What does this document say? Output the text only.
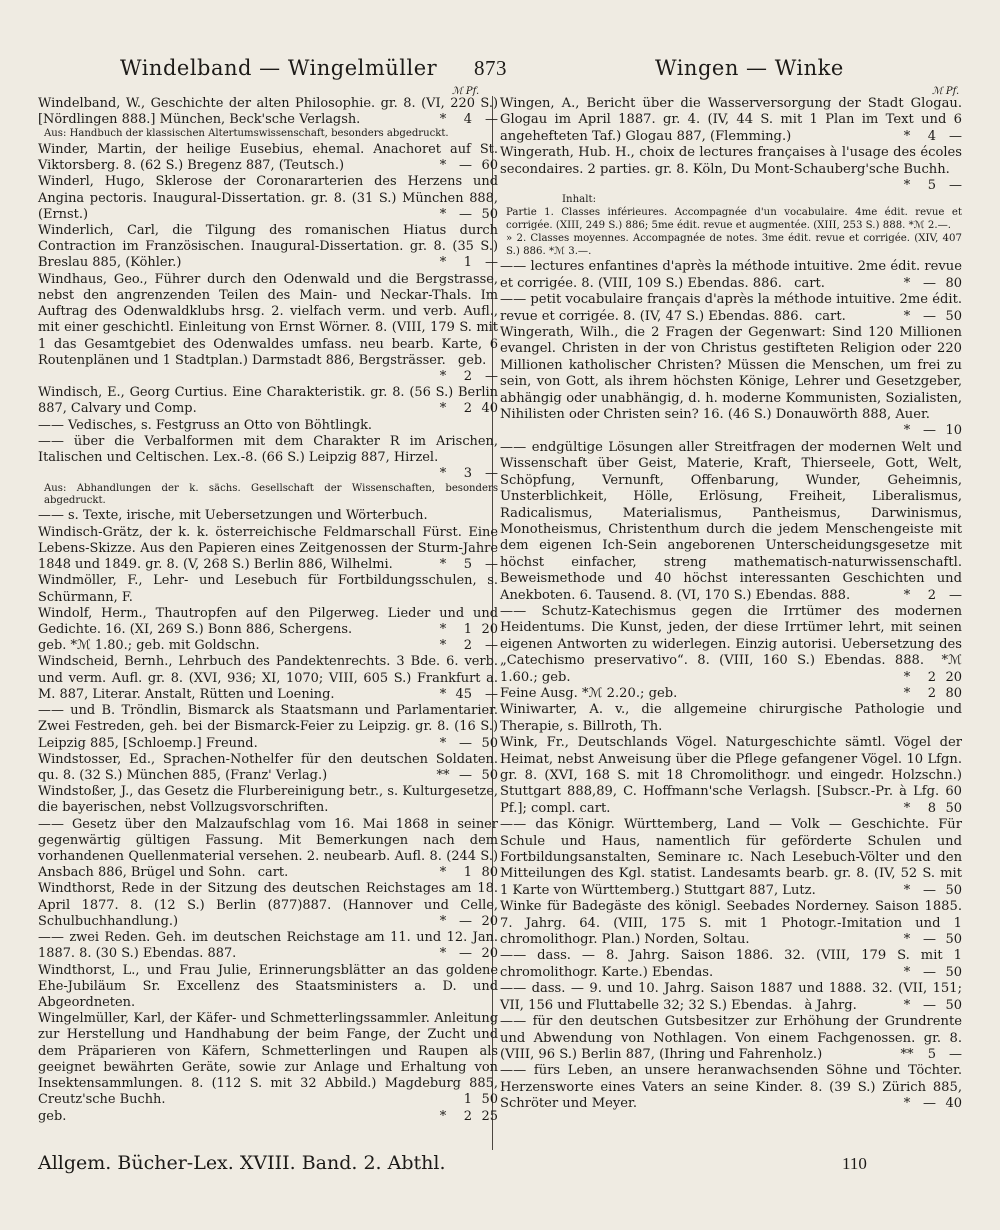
Windelband — Wingelmüller 873	Wingen — Winke
ℳ Pf.	ℳ Pf.

Windelband, W., Geschichte der alten Philosophie. gr. 8. (VI, 220 S.) [Nördlingen 888.] München, Beck'sche Verlagsh.	* 4 —

Aus: Handbuch der klassischen Altertumswissenschaft, besonders abgedruckt.

Winder, Martin, der heilige Eusebius, ehemal. Anachoret auf St. Viktorsberg. 8. (62 S.) Bregenz 887, (Teutsch.)	* — 60

Winderl, Hugo, Sklerose der Coronararterien des Herzens und Angina pectoris. Inaugural-Dissertation. gr. 8. (31 S.) München 888, (Ernst.)	* — 50

Winderlich, Carl, die Tilgung des romanischen Hiatus durch Contraction im Französischen. Inaugural-Dissertation. gr. 8. (35 S.) Breslau 885, (Köhler.)	* 1 —

Windhaus, Geo., Führer durch den Odenwald und die Bergstrasse, nebst den angrenzenden Teilen des Main- und Neckar-Thals. Im Auftrag des Odenwaldklubs hrsg. 2. vielfach verm. und verb. Aufl., mit einer geschichtl. Einleitung von Ernst Wörner. 8. (VIII, 179 S. mit 1 das Gesamtgebiet des Odenwaldes umfass. neu bearb. Karte, 6 Routenplänen und 1 Stadtplan.) Darmstadt 886, Bergsträsser. geb.
* 2 —

Windisch, E., Georg Curtius. Eine Charakteristik. gr. 8. (56 S.) Berlin 887, Calvary und Comp.	* 2 40

—— Vedisches, s. Festgruss an Otto von Böhtlingk.

—— über die Verbalformen mit dem Charakter R im Arischen, Italischen und Celtischen. Lex.-8. (66 S.) Leipzig 887, Hirzel.
* 3 —

Aus: Abhandlungen der k. sächs. Gesellschaft der Wissenschaften, besonders abgedruckt.

—— s. Texte, irische, mit Uebersetzungen und Wörterbuch.

Windisch-Grätz, der k. k. österreichische Feldmarschall Fürst. Eine Lebens-Skizze. Aus den Papieren eines Zeitgenossen der Sturm-Jahre 1848 und 1849. gr. 8. (V, 268 S.) Berlin 886, Wilhelmi.	* 5 —

Windmöller, F., Lehr- und Lesebuch für Fortbildungsschulen, s. Schürmann, F.

Windolf, Herm., Thautropfen auf den Pilgerweg. Lieder und und Gedichte. 16. (XI, 269 S.) Bonn 886, Schergens.	* 1 20

geb. *ℳ 1.80.; geb. mit Goldschn.	* 2 —

Windscheid, Bernh., Lehrbuch des Pandektenrechts. 3 Bde. 6. verb. und verm. Aufl. gr. 8. (XVI, 936; XI, 1070; VIII, 605 S.) Frankfurt a. M. 887, Literar. Anstalt, Rütten und Loening.	* 45 —

—— und B. Tröndlin, Bismarck als Staatsmann und Parlamentarier. Zwei Festreden, geh. bei der Bismarck-Feier zu Leipzig. gr. 8. (16 S.) Leipzig 885, [Schloemp.] Freund.	* — 50

Windstosser, Ed., Sprachen-Nothelfer für den deutschen Soldaten. qu. 8. (32 S.) München 885, (Franz' Verlag.)	** — 50

Windstoßer, J., das Gesetz die Flurbereinigung betr., s. Kulturgesetze, die bayerischen, nebst Vollzugsvorschriften.

—— Gesetz über den Malzaufschlag vom 16. Mai 1868 in seiner gegenwärtig gültigen Fassung. Mit Bemerkungen nach dem vorhandenen Quellenmaterial versehen. 2. neubearb. Aufl. 8. (244 S.) Ansbach 886, Brügel und Sohn. cart.	* 1 80

Windthorst, Rede in der Sitzung des deutschen Reichstages am 18. April 1877. 8. (12 S.) Berlin (877)887. (Hannover und Celle, Schulbuchhandlung.)	* — 20

—— zwei Reden. Geh. im deutschen Reichstage am 11. und 12. Jan. 1887. 8. (30 S.) Ebendas. 887.	* — 20

Windthorst, L., und Frau Julie, Erinnerungsblätter an das goldene Ehe-Jubiläum Sr. Excellenz des Staatsministers a. D. und Abgeordneten.

Wingelmüller, Karl, der Käfer- und Schmetterlingssammler. Anleitung zur Herstellung und Handhabung der beim Fange, der Zucht und dem Präparieren von Käfern, Schmetterlingen und Raupen als geeignet bewährten Geräte, sowie zur Anlage und Erhaltung von Insektensammlungen. 8. (112 S. mit 32 Abbild.) Magdeburg 885, Creutz'sche Buchh.	1 50

geb.	* 2 25

Wingen, A., Bericht über die Wasserversorgung der Stadt Glogau. Glogau im April 1887. gr. 4. (IV, 44 S. mit 1 Plan im Text und 6 angehefteten Taf.) Glogau 887, (Flemming.)	* 4 —

Wingerath, Hub. H., choix de lectures françaises à l'usage des écoles secondaires. 2 parties. gr. 8. Köln, Du Mont-Schauberg'sche Buchh.
* 5 —

Inhalt:

Partie 1. Classes inférieures. Accompagnée d'un vocabulaire. 4me édit. revue et corrigée. (XIII, 249 S.) 886; 5me édit. revue et augmentée. (XIII, 253 S.) 888. *ℳ 2.—.

» 2. Classes moyennes. Accompagnée de notes. 3me édit. revue et corrigée. (XIV, 407 S.) 886. *ℳ 3.—.

—— lectures enfantines d'après la méthode intuitive. 2me édit. revue et corrigée. 8. (VIII, 109 S.) Ebendas. 886. cart.	* — 80

—— petit vocabulaire français d'après la méthode intuitive. 2me édit. revue et corrigée. 8. (IV, 47 S.) Ebendas. 886. cart.	* — 50

Wingerath, Wilh., die 2 Fragen der Gegenwart: Sind 120 Millionen evangel. Christen in der von Christus gestifteten Religion oder 220 Millionen katholischer Christen? Müssen die Menschen, um frei zu sein, von Gott, als ihrem höchsten Könige, Lehrer und Gesetzgeber, abhängig oder unabhängig, d. h. moderne Kommunisten, Sozialisten, Nihilisten oder Christen sein? 16. (46 S.) Donauwörth 888, Auer.
* — 10

—— endgültige Lösungen aller Streitfragen der modernen Welt und Wissenschaft über Geist, Materie, Kraft, Thierseele, Gott, Welt, Schöpfung, Vernunft, Offenbarung, Wunder, Geheimnis, Unsterblichkeit, Hölle, Erlösung, Freiheit, Liberalismus, Radicalismus, Materialismus, Pantheismus, Darwinismus, Monotheismus, Christenthum durch die jedem Menschengeiste mit dem eigenen Ich-Sein angeborenen Unterscheidungsgesetze mit höchst einfacher, streng mathematisch-naturwissenschaftl. Beweismethode und 40 höchst interessanten Geschichten und Anekboten. 6. Tausend. 8. (VI, 170 S.) Ebendas. 888.	* 2 —

—— Schutz-Katechismus gegen die Irrtümer des modernen Heidentums. Die Kunst, jeden, der diese Irrtümer lehrt, mit seinen eigenen Antworten zu widerlegen. Einzig autorisi. Uebersetzung des „Catechismo preservativo“. 8. (VIII, 160 S.) Ebendas. 888. *ℳ 1.60.; geb.	* 2 20

Feine Ausg. *ℳ 2.20.; geb.	* 2 80

Winiwarter, A. v., die allgemeine chirurgische Pathologie und Therapie, s. Billroth, Th.

Wink, Fr., Deutschlands Vögel. Naturgeschichte sämtl. Vögel der Heimat, nebst Anweisung über die Pflege gefangener Vögel. 10 Lfgn. gr. 8. (XVI, 168 S. mit 18 Chromolithogr. und eingedr. Holzschn.) Stuttgart 888,89, C. Hoffmann'sche Verlagsh. [Subscr.-Pr. à Lfg. 60 Pf.]; compl. cart.	* 8 50

—— das Königr. Württemberg, Land — Volk — Geschichte. Für Schule und Haus, namentlich für geförderte Schulen und Fortbildungsanstalten, Seminare ɪc. Nach Lesebuch-Völter und den Mitteilungen des Kgl. statist. Landesamts bearb. gr. 8. (IV, 52 S. mit 1 Karte von Württemberg.) Stuttgart 887, Lutz.	* — 50

Winke für Badegäste des königl. Seebades Norderney. Saison 1885. 7. Jahrg. 64. (VIII, 175 S. mit 1 Photogr.-Imitation und 1 chromolithogr. Plan.) Norden, Soltau.	* — 50

—— dass. — 8. Jahrg. Saison 1886. 32. (VIII, 179 S. mit 1 chromolithogr. Karte.) Ebendas.	* — 50

—— dass. — 9. und 10. Jahrg. Saison 1887 und 1888. 32. (VII, 151; VII, 156 und Fluttabelle 32; 32 S.) Ebendas. à Jahrg.	* — 50

—— für den deutschen Gutsbesitzer zur Erhöhung der Grundrente und Abwendung von Nothlagen. Von einem Fachgenossen. gr. 8. (VIII, 96 S.) Berlin 887, (Ihring und Fahrenholz.)	** 5 —

—— fürs Leben, an unsere heranwachsenden Söhne und Töchter. Herzensworte eines Vaters an seine Kinder. 8. (39 S.) Zürich 885, Schröter und Meyer.	* — 40

Allgem. Bücher-Lex. XVIII. Band. 2. Abthl.	110
